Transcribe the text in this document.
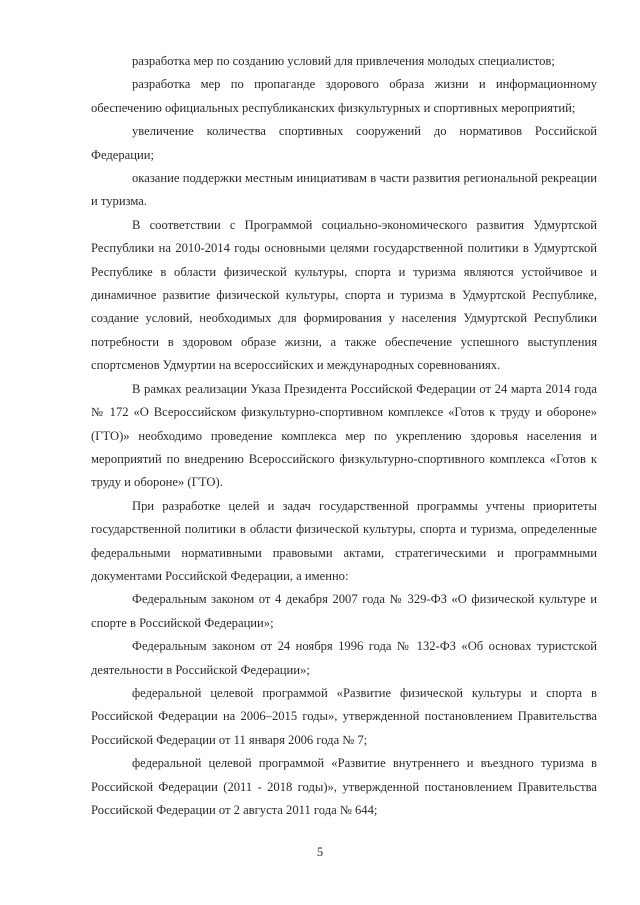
разработка мер по созданию условий для привлечения молодых специалистов;

разработка мер по пропаганде здорового образа жизни и информационному обеспечению официальных республиканских физкультурных и спортивных мероприятий;

увеличение количества спортивных сооружений до нормативов Российской Федерации;

оказание поддержки местным инициативам в части развития региональной рекреации и туризма.

В соответствии с Программой социально-экономического развития Удмуртской Республики на 2010-2014 годы основными целями государственной политики в Удмуртской Республике в области физической культуры, спорта и туризма являются устойчивое и динамичное развитие физической культуры, спорта и туризма в Удмуртской Республике, создание условий, необходимых для формирования у населения Удмуртской Республики потребности в здоровом образе жизни, а также обеспечение успешного выступления спортсменов Удмуртии на всероссийских и международных соревнованиях.

В рамках реализации Указа Президента Российской Федерации от 24 марта 2014 года № 172 «О Всероссийском физкультурно-спортивном комплексе «Готов к труду и обороне» (ГТО)» необходимо проведение комплекса мер по укреплению здоровья населения и мероприятий по внедрению Всероссийского физкультурно-спортивного комплекса «Готов к труду и обороне» (ГТО).

При разработке целей и задач государственной программы учтены приоритеты государственной политики в области физической культуры, спорта и туризма, определенные федеральными нормативными правовыми актами, стратегическими и программными документами Российской Федерации, а именно:

Федеральным законом от 4 декабря 2007 года № 329-ФЗ «О физической культуре и спорте в Российской Федерации»;

Федеральным законом от 24 ноября 1996 года № 132-ФЗ «Об основах туристской деятельности в Российской Федерации»;

федеральной целевой программой «Развитие физической культуры и спорта в Российской Федерации на 2006–2015 годы», утвержденной постановлением Правительства Российской Федерации от 11 января 2006 года № 7;

федеральной целевой программой «Развитие внутреннего и въездного туризма в Российской Федерации (2011 - 2018 годы)», утвержденной постановлением Правительства Российской Федерации от 2 августа 2011 года № 644;

5
